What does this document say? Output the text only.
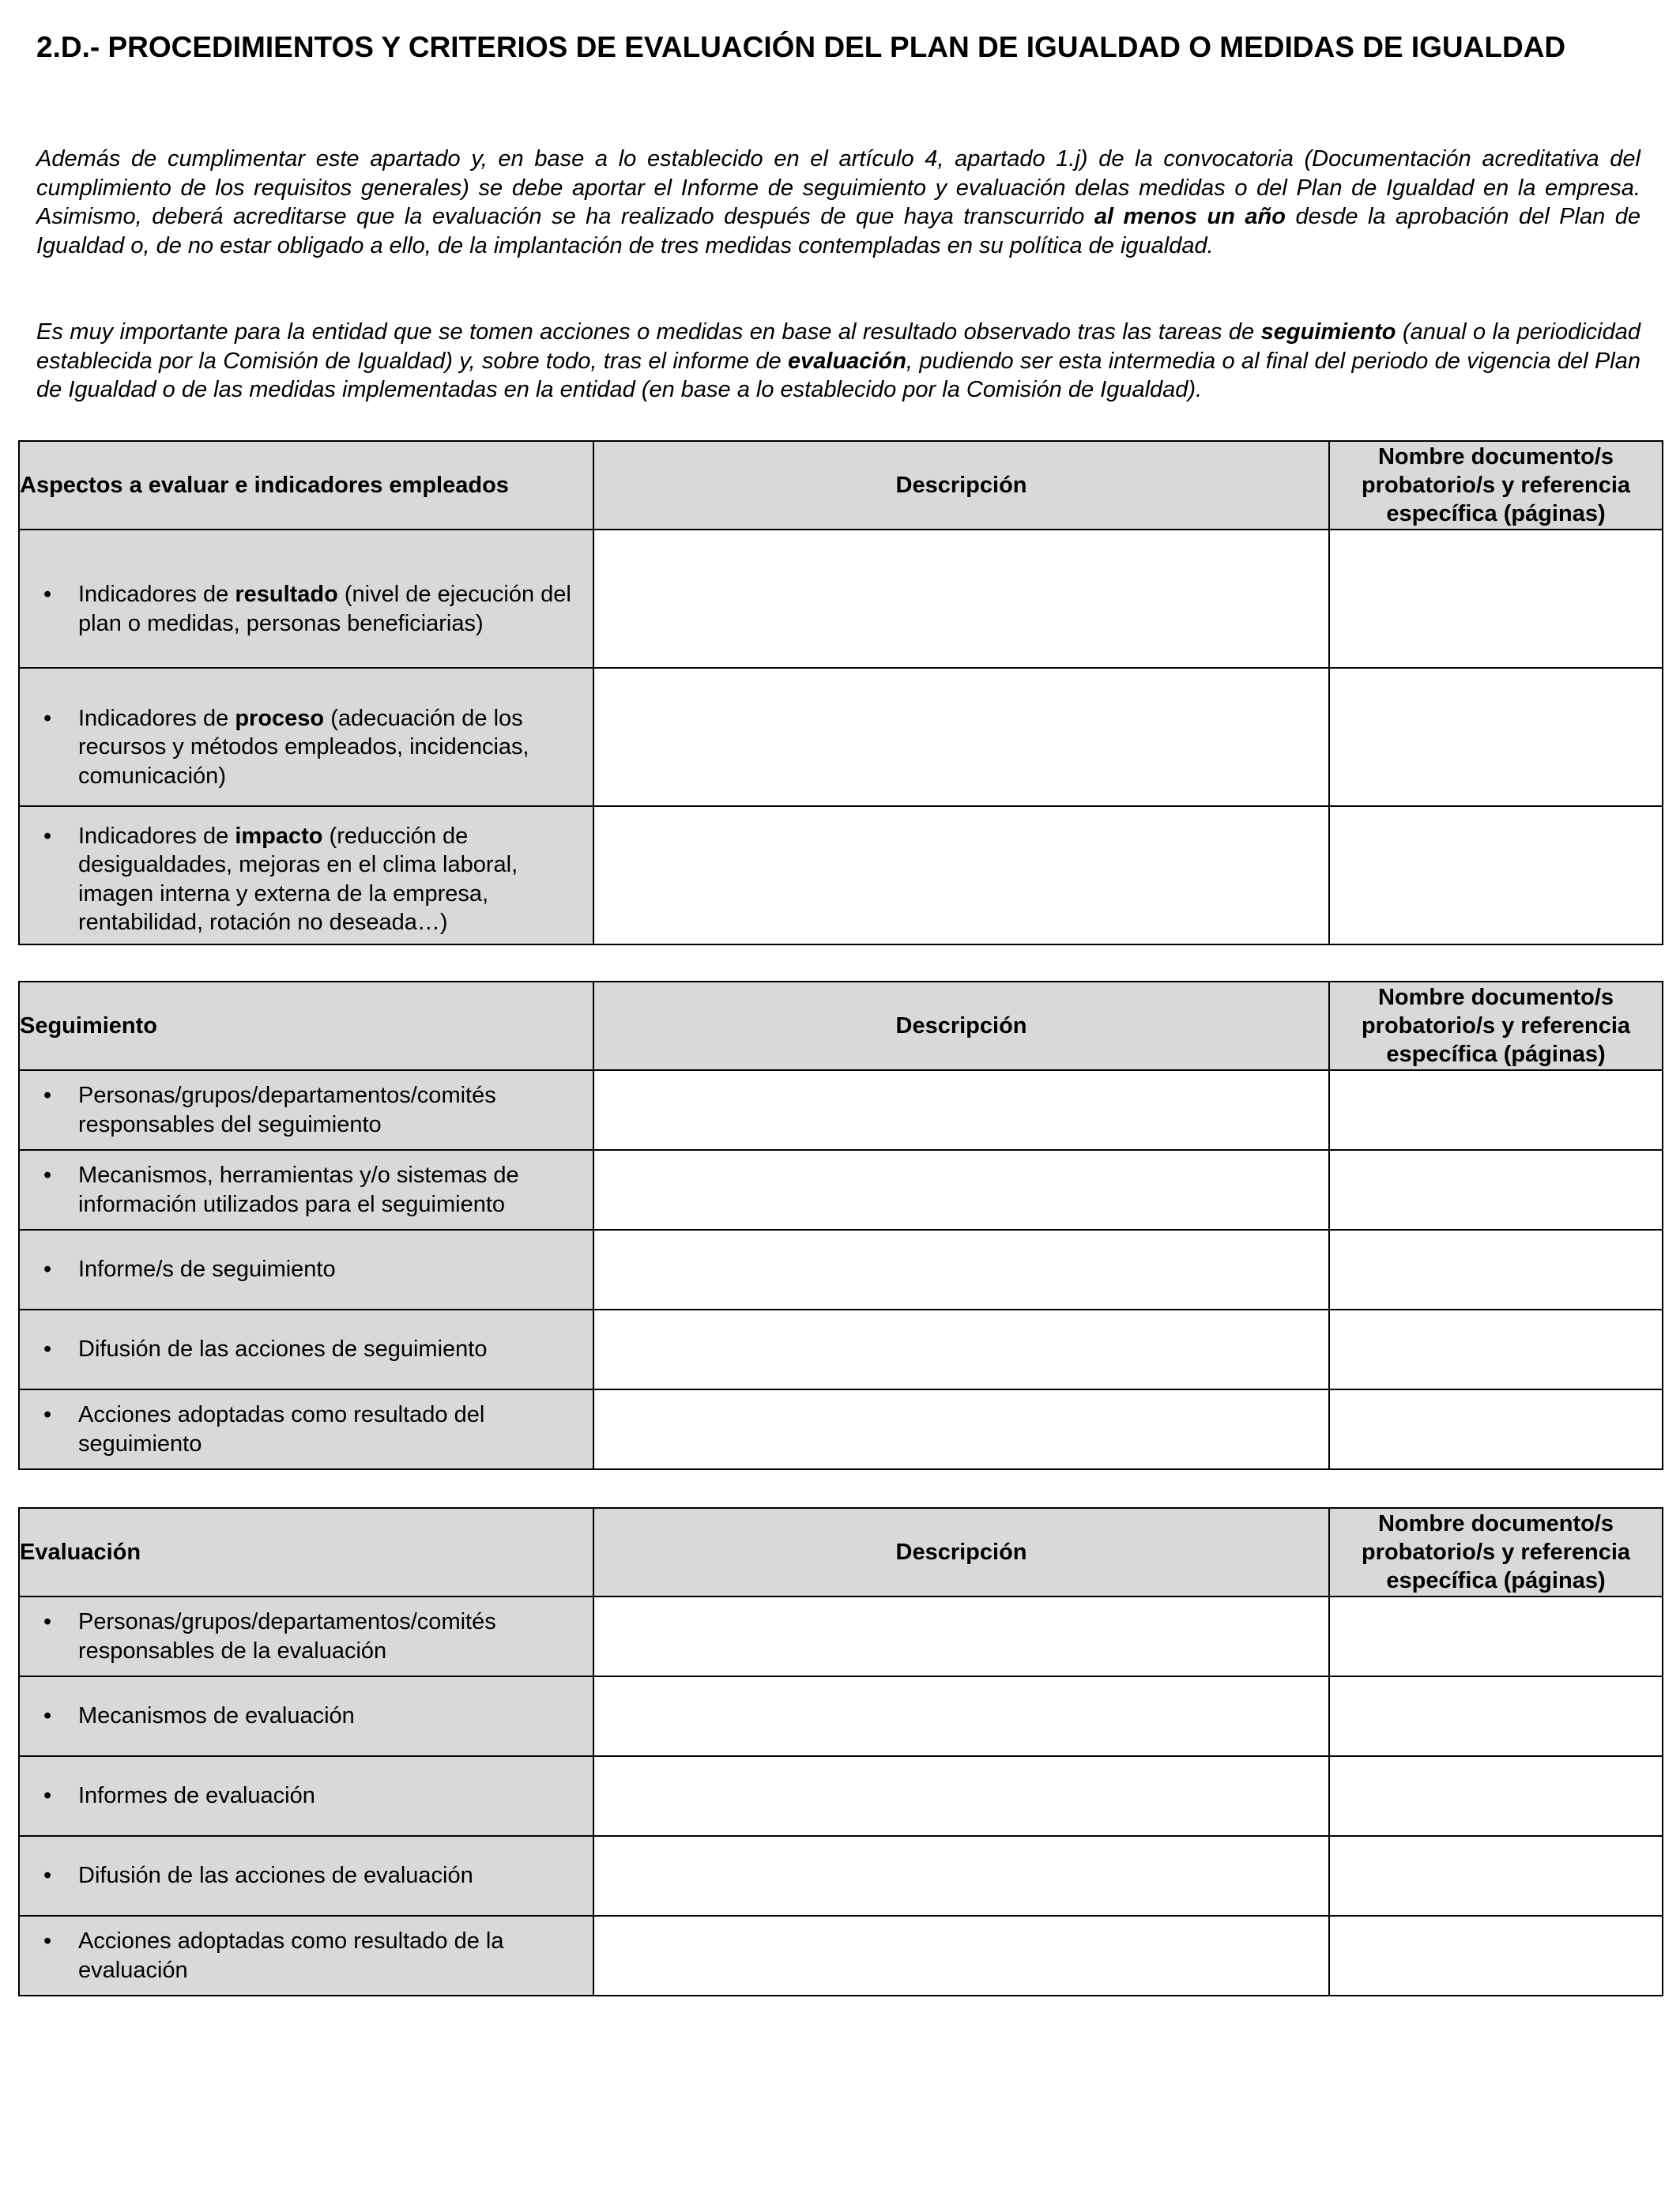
2.D.- PROCEDIMIENTOS Y CRITERIOS DE EVALUACIÓN DEL PLAN DE IGUALDAD O MEDIDAS DE IGUALDAD

Además de cumplimentar este apartado y, en base a lo establecido en el artículo 4, apartado 1.j) de la convocatoria (Documentación acreditativa del cumplimiento de los requisitos generales) se debe aportar el Informe de seguimiento y evaluación delas medidas o del Plan de Igualdad en la empresa. Asimismo, deberá acreditarse que la evaluación se ha realizado después de que haya transcurrido al menos un año desde la aprobación del Plan de Igualdad o, de no estar obligado a ello, de la implantación de tres medidas contempladas en su política de igualdad.

Es muy importante para la entidad que se tomen acciones o medidas en base al resultado observado tras las tareas de seguimiento (anual o la periodicidad establecida por la Comisión de Igualdad) y, sobre todo, tras el informe de evaluación, pudiendo ser esta intermedia o al final del periodo de vigencia del Plan de Igualdad o de las medidas implementadas en la entidad (en base a lo establecido por la Comisión de Igualdad).

Aspectos a evaluar e indicadores empleados	Descripción	Nombre documento/s probatorio/s y referencia específica (páginas)

• Indicadores de resultado (nivel de ejecución del plan o medidas, personas beneficiarias)		

• Indicadores de proceso (adecuación de los recursos y métodos empleados, incidencias, comunicación)		

• Indicadores de impacto (reducción de desigualdades, mejoras en el clima laboral, imagen interna y externa de la empresa, rentabilidad, rotación no deseada…)		

Seguimiento	Descripción	Nombre documento/s probatorio/s y referencia específica (páginas)

• Personas/grupos/departamentos/comités responsables del seguimiento		

• Mecanismos, herramientas y/o sistemas de información utilizados para el seguimiento		

• Informe/s de seguimiento		

• Difusión de las acciones de seguimiento		

• Acciones adoptadas como resultado del seguimiento		

Evaluación	Descripción	Nombre documento/s probatorio/s y referencia específica (páginas)

• Personas/grupos/departamentos/comités responsables de la evaluación		

• Mecanismos de evaluación		

• Informes de evaluación		

• Difusión de las acciones de evaluación		

• Acciones adoptadas como resultado de la evaluación		
